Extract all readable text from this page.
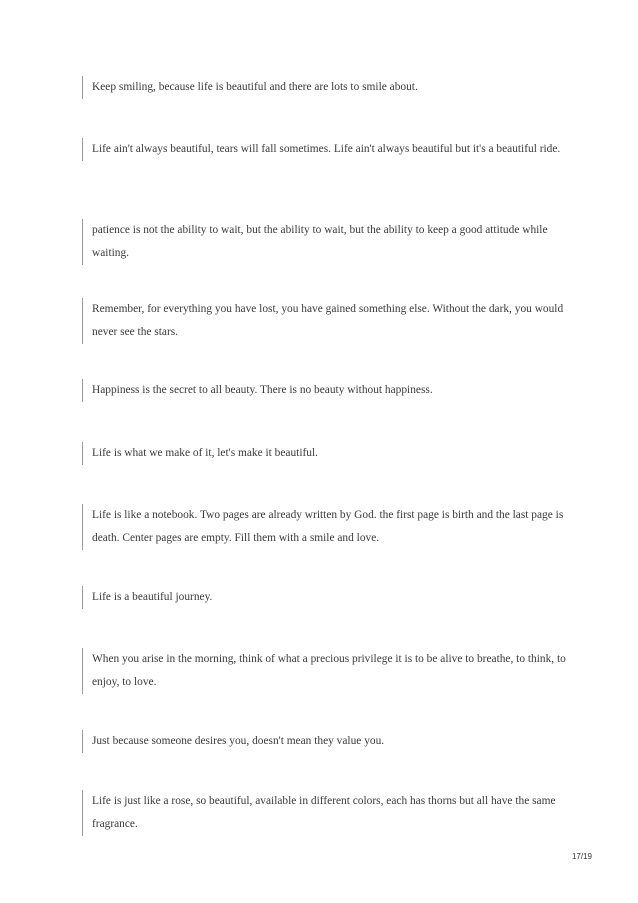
Keep smiling, because life is beautiful and there are lots to smile about.
Life ain't always beautiful, tears will fall sometimes. Life ain't always beautiful but it's a beautiful ride.
patience is not the ability to wait, but the ability to wait, but the ability to keep a good attitude while waiting.
Remember, for everything you have lost, you have gained something else. Without the dark, you would never see the stars.
Happiness is the secret to all beauty. There is no beauty without happiness.
Life is what we make of it, let's make it beautiful.
Life is like a notebook. Two pages are already written by God. the first page is birth and the last page is death. Center pages are empty. Fill them with a smile and love.
Life is a beautiful journey.
When you arise in the morning, think of what a precious privilege it is to be alive to breathe, to think, to enjoy, to love.
Just because someone desires you, doesn't mean they value you.
Life is just like a rose, so beautiful, available in different colors, each has thorns but all have the same fragrance.
17/19
